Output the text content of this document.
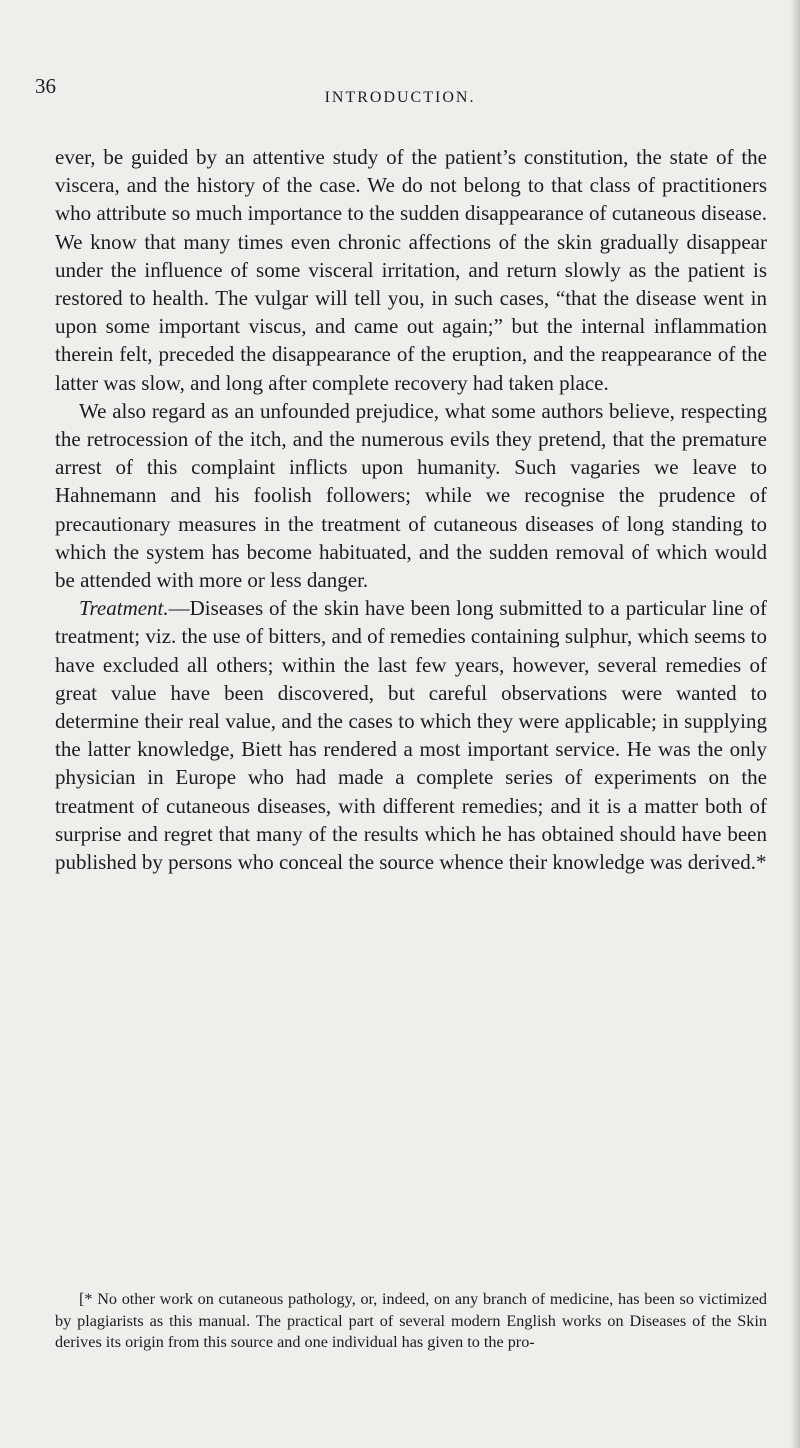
36	INTRODUCTION.

ever, be guided by an attentive study of the patient’s constitution, the state of the viscera, and the history of the case. We do not belong to that class of practitioners who attribute so much importance to the sudden disappearance of cutaneous disease. We know that many times even chronic affections of the skin gradually disappear under the influence of some visceral irritation, and return slowly as the patient is restored to health. The vulgar will tell you, in such cases, “that the disease went in upon some important viscus, and came out again;” but the internal inflammation therein felt, preceded the disappearance of the eruption, and the reappearance of the latter was slow, and long after complete recovery had taken place.

We also regard as an unfounded prejudice, what some authors believe, respecting the retrocession of the itch, and the numerous evils they pretend, that the premature arrest of this complaint inflicts upon humanity. Such vagaries we leave to Hahnemann and his foolish followers; while we recognise the prudence of precautionary measures in the treatment of cutaneous diseases of long standing to which the system has become habituated, and the sudden removal of which would be attended with more or less danger.

Treatment.—Diseases of the skin have been long submitted to a particular line of treatment; viz. the use of bitters, and of remedies containing sulphur, which seems to have excluded all others; within the last few years, however, several remedies of great value have been discovered, but careful observations were wanted to determine their real value, and the cases to which they were applicable; in supplying the latter knowledge, Biett has rendered a most important service. He was the only physician in Europe who had made a complete series of experiments on the treatment of cutaneous diseases, with different remedies; and it is a matter both of surprise and regret that many of the results which he has obtained should have been published by persons who conceal the source whence their knowledge was derived.*

[* No other work on cutaneous pathology, or, indeed, on any branch of medicine, has been so victimized by plagiarists as this manual. The practical part of several modern English works on Diseases of the Skin derives its origin from this source and one individual has given to the pro-
